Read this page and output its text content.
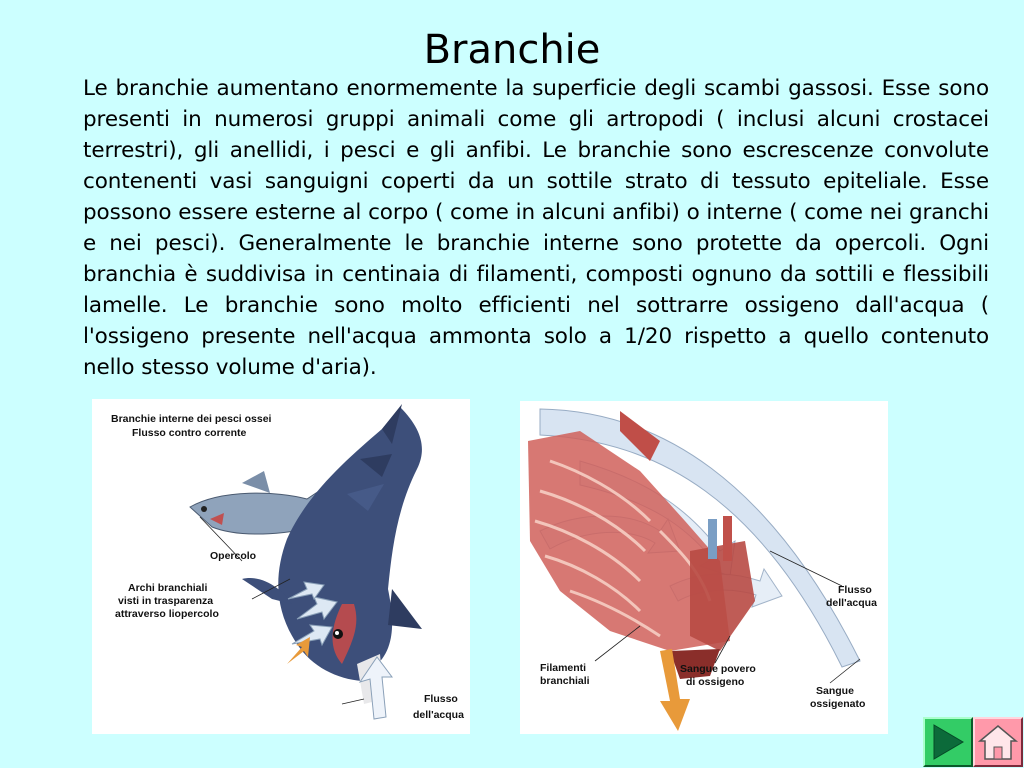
Branchie
Le branchie aumentano enormemente la superficie degli scambi gassosi. Esse sono presenti in numerosi gruppi animali come gli artropodi ( inclusi alcuni crostacei terrestri), gli anellidi, i pesci e gli anfibi. Le branchie sono escrescenze convolute contenenti vasi sanguigni coperti da un sottile strato di tessuto epiteliale. Esse possono essere esterne al corpo ( come in alcuni anfibi) o interne ( come nei granchi e nei pesci). Generalmente le branchie interne sono protette da opercoli. Ogni branchia è suddivisa in centinaia di filamenti, composti ognuno da sottili e flessibili lamelle. Le branchie sono molto efficienti nel sottrarre ossigeno dall'acqua ( l'ossigeno presente nell'acqua ammonta solo a 1/20 rispetto a quello contenuto nello stesso volume d'aria).
Branchie interne dei pesci ossei
Flusso contro corrente
Opercolo
Archi branchiali
visti in trasparenza
attraverso liopercolo
Flusso
dell'acqua
Flusso
dell'acqua
Filamenti
branchiali
Sangue povero
di ossigeno
Sangue
ossigenato
